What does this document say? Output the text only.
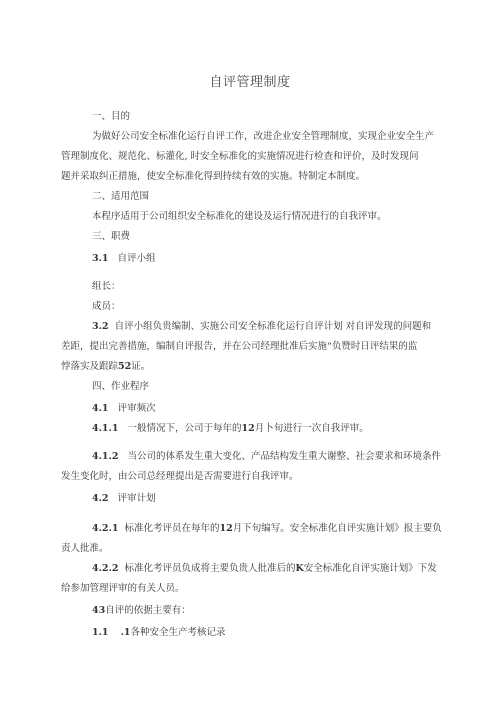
自评管理制度
一、目的
为做好公司安全标准化运行自评工作，改进企业安全管理制度，实现企业安全生产
管理制度化、规范化、标灌化, 时安全标准化的实施情况进行检查和评价，及时发现问
题并采取纠正措施，使安全标准化得到持续有效的实施。特制定本制度。
二、适用范围
本程序适用于公司组织安全标准化的建设及运行情况进行的自我评审。
三、职费
3.1 自评小组
组长：
成员：
3.2 自评小组负贵编制、实施公司安全标准化运行自评计划 对自评发现的问题和
差距，提出完善措施，编制自评报告，并在公司经理批准后实施“负赞时日评结果的监
悖落实及跟踪52证。
四、作业程序
4.1 评审频次
4.1.1 一般情况下，公司于每年的12月卜旬进行一次自我评审。
4.1.2 当公司的体系发生重大变化、产品结构发生重大谢整、社会要求和环境条件
发生变化时，由公司总经理提出是否需要进行自我评审。
4.2 评审计划
4.2.1 标准化考评员在每年的12月下旬编写。安全标准化自评实施计划》报主要负
责人批准。
4.2.2 标准化考评员负成将主要负贵人批准后的K安全标准化自评实施计划》下发
给参加管理评审的有关人员。
43自评的依据主要有：
1.1 .1各种安全生产考核记录
